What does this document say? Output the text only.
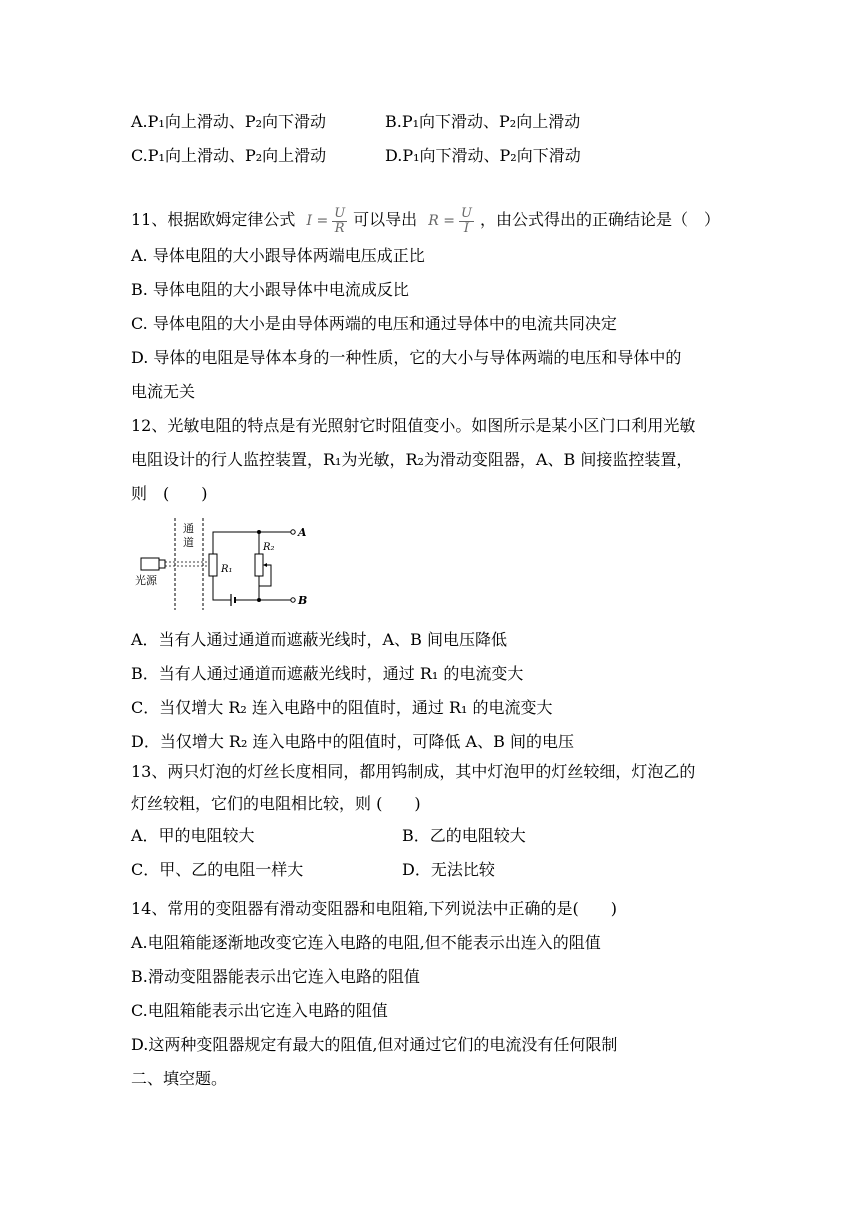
A.P₁向上滑动、P₂向下滑动	B.P₁向下滑动、P₂向上滑动
C.P₁向上滑动、P₂向上滑动	D.P₁向下滑动、P₂向下滑动
11、根据欧姆定律公式 $I = \frac{U}{R}$ 可以导出 $R = \frac{U}{I}$ ，由公式得出的正确结论是（　）
A. 导体电阻的大小跟导体两端电压成正比
B. 导体电阻的大小跟导体中电流成反比
C. 导体电阻的大小是由导体两端的电压和通过导体中的电流共同决定
D. 导体的电阻是导体本身的一种性质，它的大小与导体两端的电压和导体中的
电流无关
12、光敏电阻的特点是有光照射它时阻值变小。如图所示是某小区门口利用光敏
电阻设计的行人监控装置，R₁为光敏，R₂为滑动变阻器，A、B 间接监控装置，
则　(　　)
通
道
光源
R₁
R₂
A
B
A．当有人通过通道而遮蔽光线时，A、B 间电压降低
B．当有人通过通道而遮蔽光线时，通过 R₁ 的电流变大
C．当仅增大 R₂ 连入电路中的阻值时，通过 R₁ 的电流变大
D．当仅增大 R₂ 连入电路中的阻值时，可降低 A、B 间的电压
13、两只灯泡的灯丝长度相同，都用钨制成，其中灯泡甲的灯丝较细，灯泡乙的
灯丝较粗，它们的电阻相比较，则 (　　)
A．甲的电阻较大	B．乙的电阻较大
C．甲、乙的电阻一样大	D．无法比较
14、常用的变阻器有滑动变阻器和电阻箱,下列说法中正确的是(　　)
A.电阻箱能逐渐地改变它连入电路的电阻,但不能表示出连入的阻值
B.滑动变阻器能表示出它连入电路的阻值
C.电阻箱能表示出它连入电路的阻值
D.这两种变阻器规定有最大的阻值,但对通过它们的电流没有任何限制
二、填空题。
